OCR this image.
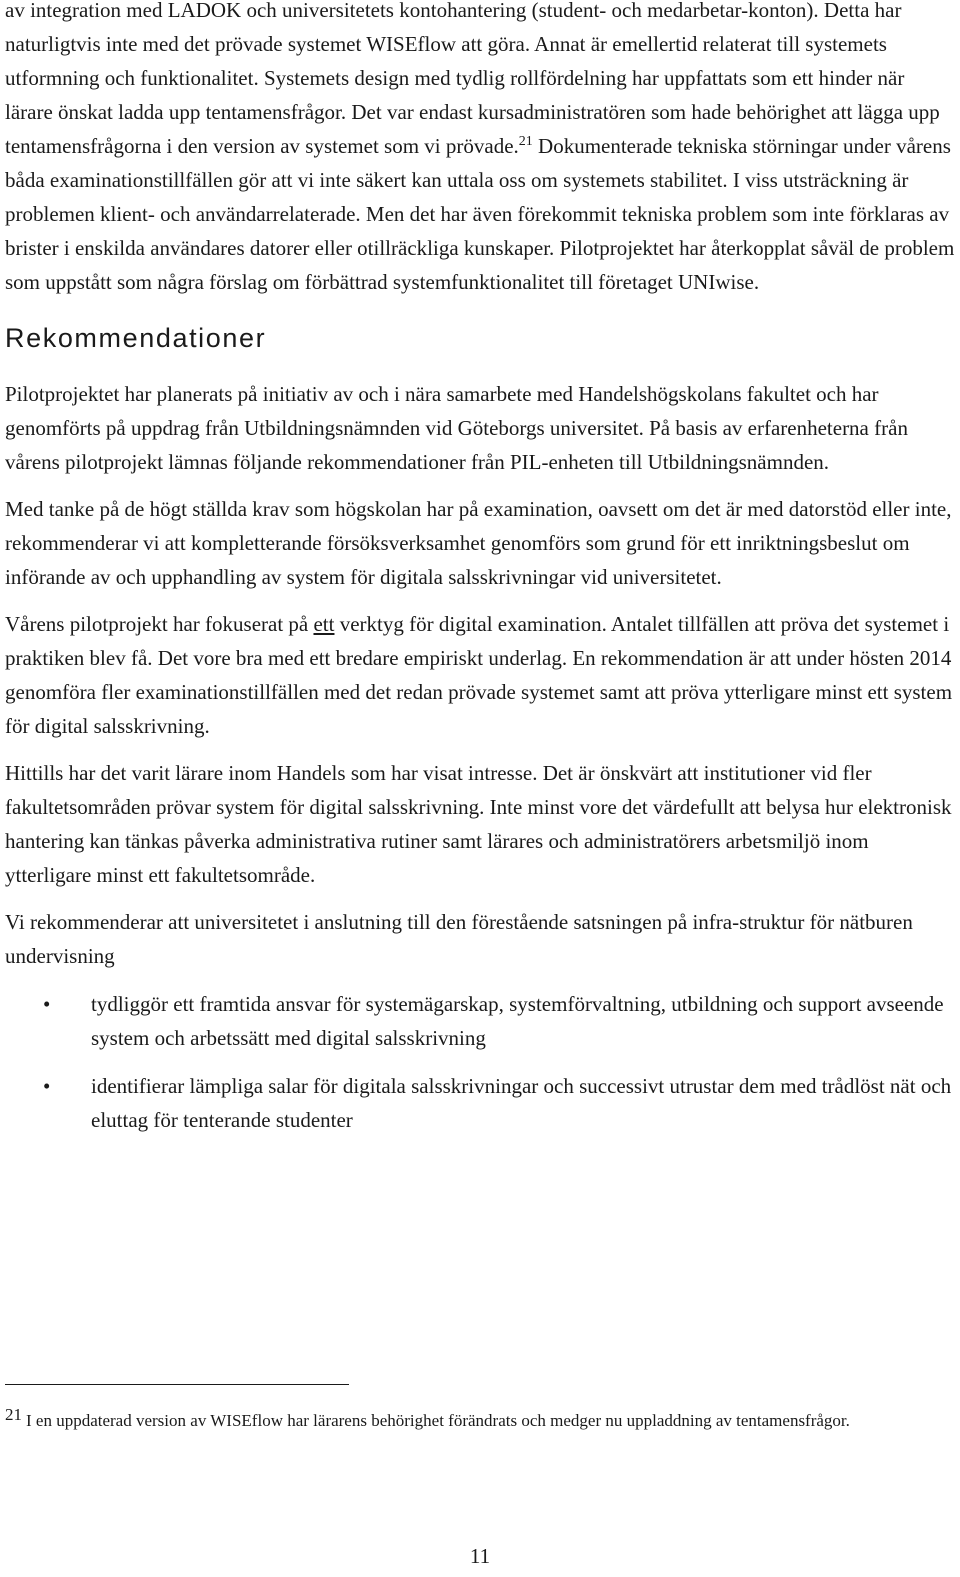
av integration med LADOK och universitetets kontohantering (student- och medarbetar-konton). Detta har naturligtvis inte med det prövade systemet WISEflow att göra. Annat är emellertid relaterat till systemets utformning och funktionalitet. Systemets design med tydlig rollfördelning har uppfattats som ett hinder när lärare önskat ladda upp tentamensfrågor. Det var endast kursadministratören som hade behörighet att lägga upp tentamensfrågorna i den version av systemet som vi prövade.$^{21}$ Dokumenterade tekniska störningar under vårens båda examinationstillfällen gör att vi inte säkert kan uttala oss om systemets stabilitet. I viss utsträckning är problemen klient- och användarrelaterade. Men det har även förekommit tekniska problem som inte förklaras av brister i enskilda användares datorer eller otillräckliga kunskaper. Pilotprojektet har återkopplat såväl de problem som uppstått som några förslag om förbättrad systemfunktionalitet till företaget UNIwise.

Rekommendationer

Pilotprojektet har planerats på initiativ av och i nära samarbete med Handelshögskolans fakultet och har genomförts på uppdrag från Utbildningsnämnden vid Göteborgs universitet. På basis av erfarenheterna från vårens pilotprojekt lämnas följande rekommendationer från PIL-enheten till Utbildningsnämnden.

Med tanke på de högt ställda krav som högskolan har på examination, oavsett om det är med datorstöd eller inte, rekommenderar vi att kompletterande försöksverksamhet genomförs som grund för ett inriktningsbeslut om införande av och upphandling av system för digitala salsskrivningar vid universitetet.

Vårens pilotprojekt har fokuserat på ett verktyg för digital examination. Antalet tillfällen att pröva det systemet i praktiken blev få. Det vore bra med ett bredare empiriskt underlag. En rekommendation är att under hösten 2014 genomföra fler examinationstillfällen med det redan prövade systemet samt att pröva ytterligare minst ett system för digital salsskrivning.

Hittills har det varit lärare inom Handels som har visat intresse. Det är önskvärt att institutioner vid fler fakultetsområden prövar system för digital salsskrivning. Inte minst vore det värdefullt att belysa hur elektronisk hantering kan tänkas påverka administrativa rutiner samt lärares och administratörers arbetsmiljö inom ytterligare minst ett fakultetsområde.

Vi rekommenderar att universitetet i anslutning till den förestående satsningen på infra-struktur för nätburen undervisning

• tydliggör ett framtida ansvar för systemägarskap, systemförvaltning, utbildning och support avseende system och arbetssätt med digital salsskrivning
• identifierar lämpliga salar för digitala salsskrivningar och successivt utrustar dem med trådlöst nät och eluttag för tenterande studenter
21 I en uppdaterad version av WISEflow har lärarens behörighet förändrats och medger nu uppladdning av tentamensfrågor.
11
